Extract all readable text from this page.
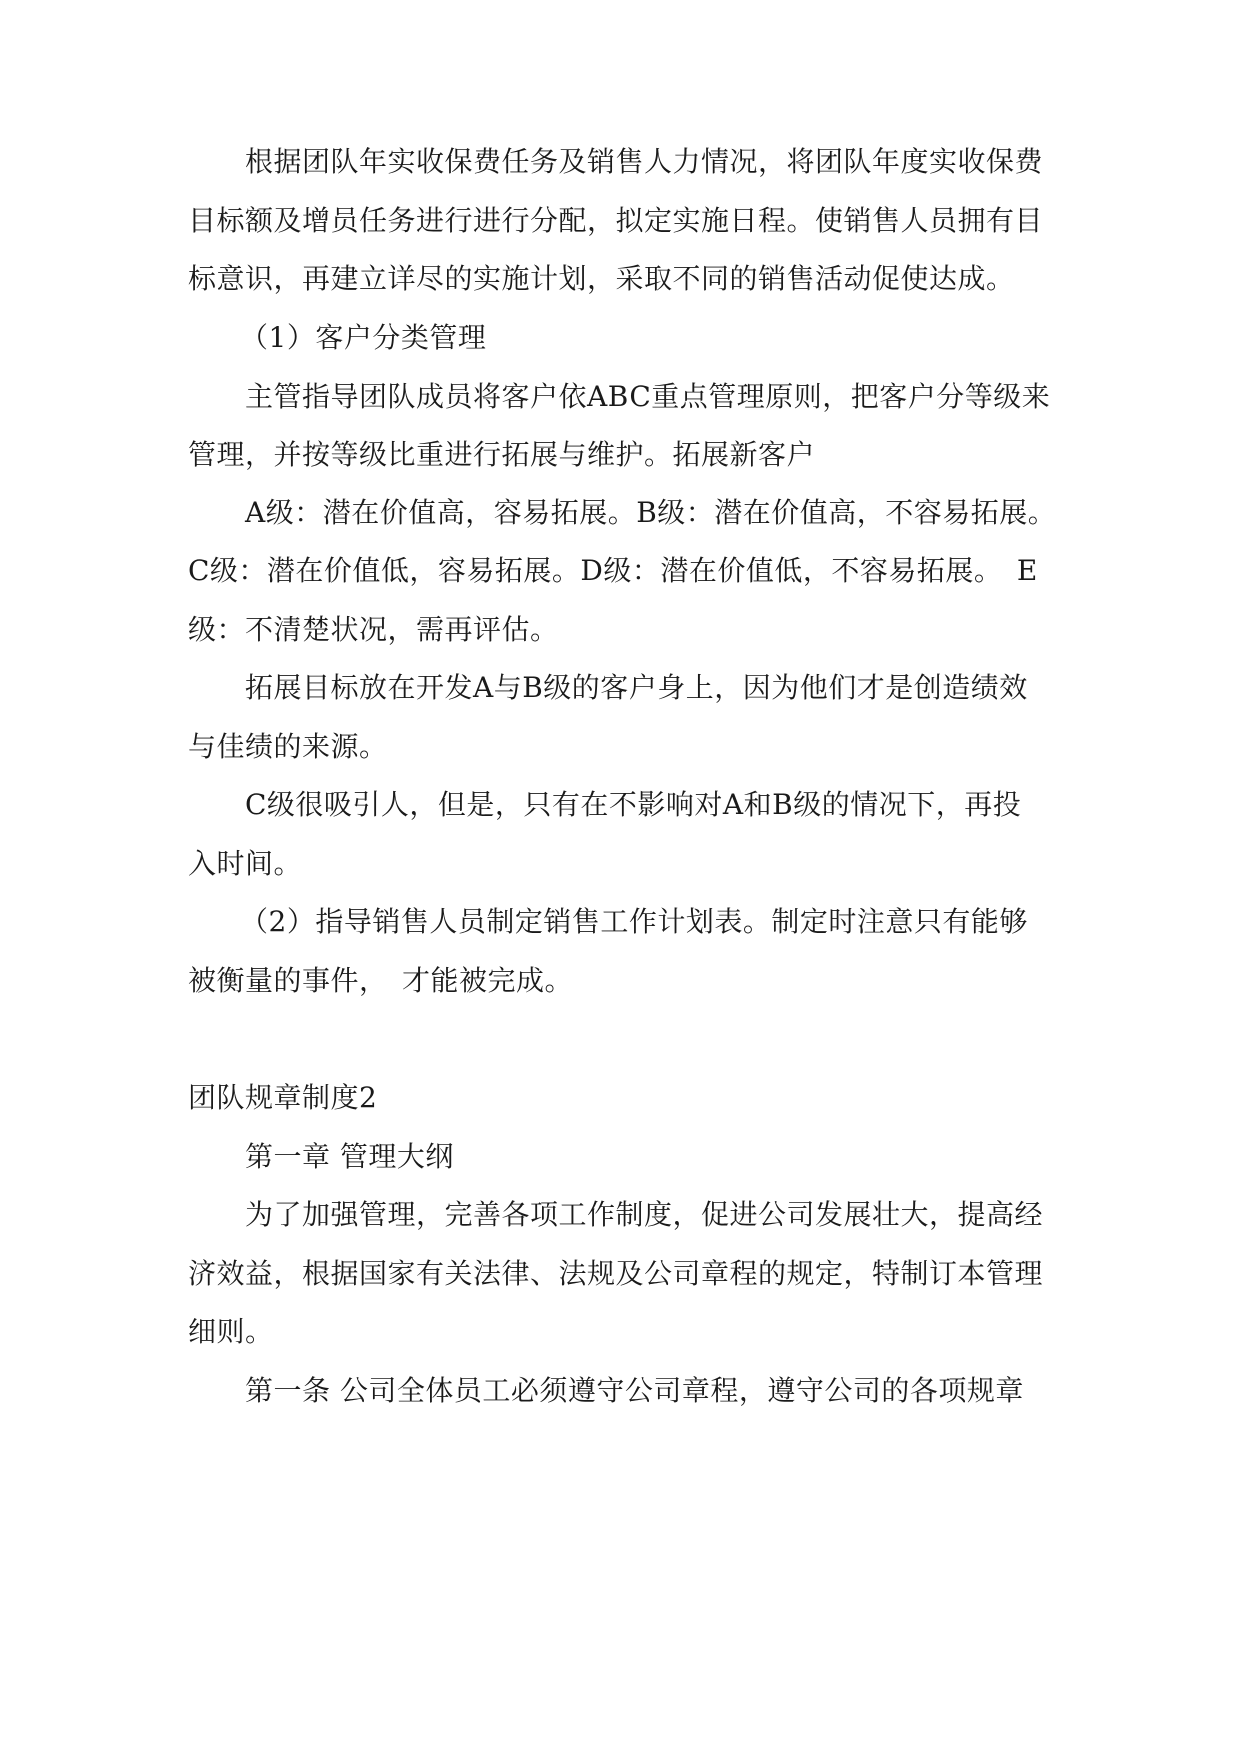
根据团队年实收保费任务及销售人力情况，将团队年度实收保费
目标额及增员任务进行进行分配，拟定实施日程。使销售人员拥有目
标意识，再建立详尽的实施计划，采取不同的销售活动促使达成。
（1）客户分类管理
主管指导团队成员将客户依ABC重点管理原则，把客户分等级来
管理，并按等级比重进行拓展与维护。拓展新客户
A级：潜在价值高，容易拓展。B级：潜在价值高，不容易拓展。
C级：潜在价值低，容易拓展。D级：潜在价值低，不容易拓展。　E
级：不清楚状况，需再评估。
拓展目标放在开发A与B级的客户身上，因为他们才是创造绩效
与佳绩的来源。
C级很吸引人，但是，只有在不影响对A和B级的情况下，再投
入时间。
（2）指导销售人员制定销售工作计划表。制定时注意只有能够
被衡量的事件，　才能被完成。
团队规章制度2
第一章 管理大纲
为了加强管理，完善各项工作制度，促进公司发展壮大，提高经
济效益，根据国家有关法律、法规及公司章程的规定，特制订本管理
细则。
第一条 公司全体员工必须遵守公司章程，遵守公司的各项规章
